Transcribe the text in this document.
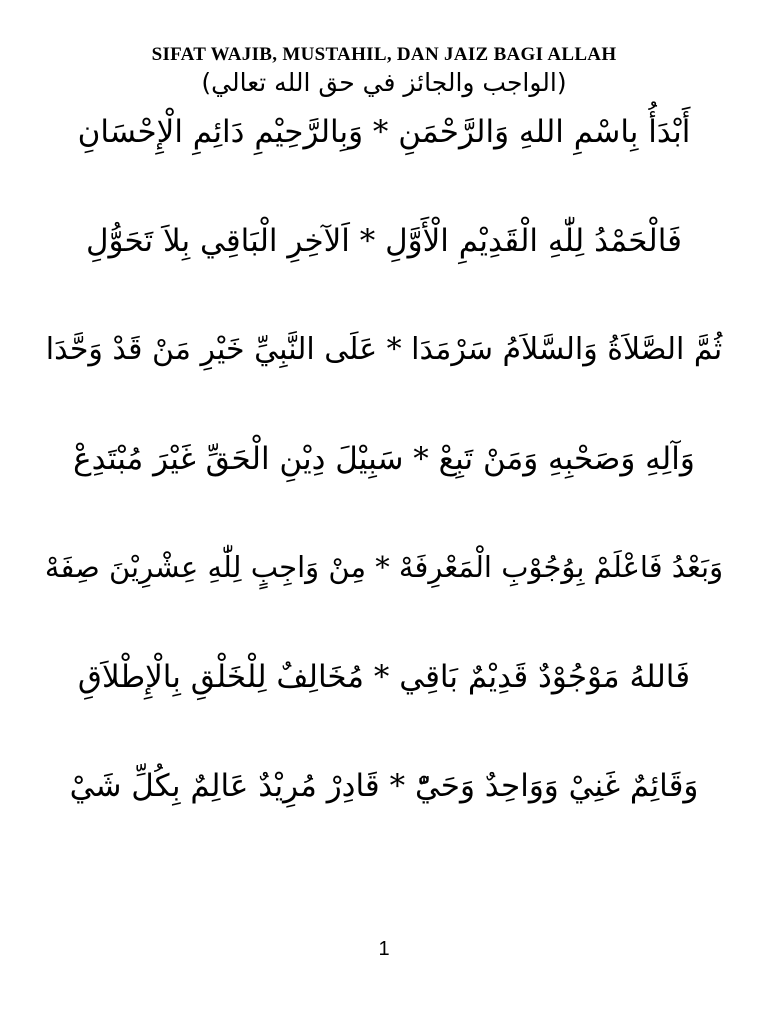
SIFAT WAJIB, MUSTAHIL, DAN JAIZ BAGI ALLAH
(الواجب والجائز في حق الله تعالي)
أَبْدَأُ بِاسْمِ اللهِ وَالرَّحْمَنِ * وَبِالرَّحِيْمِ دَائِمِ الْإِحْسَانِ
فَالْحَمْدُ لِلّٰهِ الْقَدِيْمِ الْأَوَّلِ * اَلآخِرِ الْبَاقِي بِلاَ تَحَوُّلِ
ثُمَّ الصَّلاَةُ وَالسَّلاَمُ سَرْمَدَا * عَلَى النَّبِيِّ خَيْرِ مَنْ قَدْ وَحَّدَا
وَآلِهِ وَصَحْبِهِ وَمَنْ تَبِعْ * سَبِيْلَ دِيْنِ الْحَقِّ غَيْرَ مُبْتَدِعْ
وَبَعْدُ فَاعْلَمْ بِوُجُوْبِ الْمَعْرِفَهْ * مِنْ وَاجِبٍ لِلّٰهِ عِشْرِيْنَ صِفَهْ
فَاللهُ مَوْجُوْدٌ قَدِيْمٌ بَاقِي * مُخَالِفٌ لِلْخَلْقِ بِالْإِطْلاَقِ
وَقَائِمٌ غَنِيْ وَوَاحِدٌ وَحَيّْ * قَادِرْ مُرِيْدٌ عَالِمٌ بِكُلِّ شَيْ
1
